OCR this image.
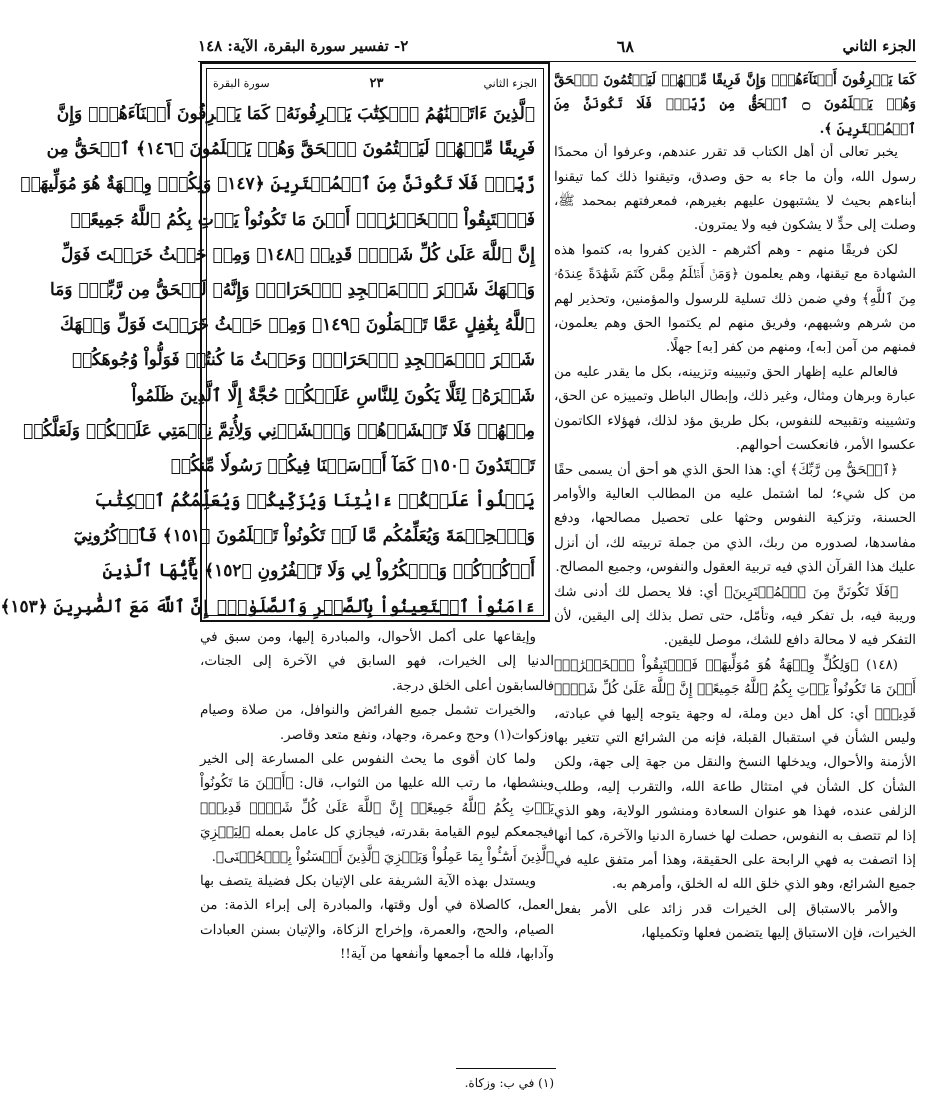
الجزء الثاني
٦٨
٢- تفسير سورة البقرة، الآية: ١٤٨

كَمَا يَعۡرِفُونَ أَبۡنَآءَهُمۡۖ وَإِنَّ فَرِيقًا مِّنۡهُمۡ لَيَكۡتُمُونَ ٱلۡحَقَّ وَهُمۡ يَعۡلَمُونَ ۝ ٱلۡحَقُّ مِن رَّبِّكَۖ فَلَا تَكُونَنَّ مِنَ ٱلۡمُمۡتَرِينَ ﴾.

يخبر تعالى أن أهل الكتاب قد تقرر عندهم، وعرفوا أن محمدًا رسول الله، وأن ما جاء به حق وصدق، وتيقنوا ذلك كما تيقنوا أبناءهم بحيث لا يشتبهون عليهم بغيرهم، فمعرفتهم بمحمد ﷺ، وصلت إلى حدٍّ لا يشكون فيه ولا يمترون.

لكن فريقًا منهم - وهم أكثرهم - الذين كفروا به، كتموا هذه الشهادة مع تيقنها، وهم يعلمون ﴿وَمَنۡ أَظۡلَمُ مِمَّن كَتَمَ شَهَٰدَةً عِندَهُۥ مِنَ ٱللَّهِ﴾ وفي ضمن ذلك تسلية للرسول والمؤمنين، وتحذير لهم من شرهم وشبههم، وفريق منهم لم يكتموا الحق وهم يعلمون، فمنهم من آمن [به]، ومنهم من كفر [به] جهلًا.

فالعالم عليه إظهار الحق وتبيينه وتزيينه، بكل ما يقدر عليه من عبارة وبرهان ومثال، وغير ذلك، وإبطال الباطل وتمييزه عن الحق، وتشيينه وتقبيحه للنفوس، بكل طريق مؤد لذلك، فهؤلاء الكاتمون عكسوا الأمر، فانعكست أحوالهم.

﴿ٱلۡحَقُّ مِن رَّبِّكَ﴾ أي: هذا الحق الذي هو أحق أن يسمى حقًا من كل شيء؛ لما اشتمل عليه من المطالب العالية والأوامر الحسنة، وتزكية النفوس وحثها على تحصيل مصالحها، ودفع مفاسدها، لصدوره من ربك، الذي من جملة تربيته لك، أن أنزل عليك هذا القرآن الذي فيه تربية العقول والنفوس، وجميع المصالح.

﴿فَلَا تَكُونَنَّ مِنَ ٱلۡمُمۡتَرِينَ﴾ أي: فلا يحصل لك أدنى شك وريبة فيه، بل تفكر فيه، وتأمّل، حتى تصل بذلك إلى اليقين، لأن التفكر فيه لا محالة دافع للشك، موصل لليقين.

(١٤٨) ﴿وَلِكُلٍّ وِجۡهَةٌ هُوَ مُوَلِّيهَاۖ فَٱسۡتَبِقُواْ ٱلۡخَيۡرَٰتِۚ أَيۡنَ مَا تَكُونُواْ يَأۡتِ بِكُمُ ٱللَّهُ جَمِيعًاۚ إِنَّ ٱللَّهَ عَلَىٰ كُلِّ شَيۡءٖ قَدِيرٞ﴾ أي: كل أهل دين وملة، له وجهة يتوجه إليها في عبادته، وليس الشأن في استقبال القبلة، فإنه من الشرائع التي تتغير بها الأزمنة والأحوال، ويدخلها النسخ والنقل من جهة إلى جهة، ولكن الشأن كل الشأن في امتثال طاعة الله، والتقرب إليه، وطلب الزلفى عنده، فهذا هو عنوان السعادة ومنشور الولاية، وهو الذي إذا لم تتصف به النفوس، حصلت لها خسارة الدنيا والآخرة، كما أنها إذا اتصفت به فهي الرابحة على الحقيقة، وهذا أمر متفق عليه في جميع الشرائع، وهو الذي خلق الله له الخلق، وأمرهم به.

والأمر بالاستباق إلى الخيرات قدر زائد على الأمر بفعل الخيرات، فإن الاستباق إليها يتضمن فعلها وتكميلها،

الجزء الثاني
٢٣
سورة البقرة
ٱلَّذِينَ ءَاتَيۡنَٰهُمُ ٱلۡكِتَٰبَ يَعۡرِفُونَهُۥ كَمَا يَعۡرِفُونَ أَبۡنَآءَهُمۡۖ وَإِنَّ
فَرِيقًا مِّنۡهُمۡ لَيَكۡتُمُونَ ٱلۡحَقَّ وَهُمۡ يَعۡلَمُونَ ﴿١٤٦﴾ ٱلۡحَقُّ مِن
رَّبِّكَۖ فَلَا تَكُونَنَّ مِنَ ٱلۡمُمۡتَرِينَ ﴿١٤٧﴾ وَلِكُلّٖ وِجۡهَةٌ هُوَ مُوَلِّيهَاۖ
فَٱسۡتَبِقُواْ ٱلۡخَيۡرَٰتِۚ أَيۡنَ مَا تَكُونُواْ يَأۡتِ بِكُمُ ٱللَّهُ جَمِيعًاۚ
إِنَّ ٱللَّهَ عَلَىٰ كُلِّ شَيۡءٖ قَدِيرٞ ﴿١٤٨﴾ وَمِنۡ حَيۡثُ خَرَجۡتَ فَوَلِّ
وَجۡهَكَ شَطۡرَ ٱلۡمَسۡجِدِ ٱلۡحَرَامِۖ وَإِنَّهُۥ لَلۡحَقُّ مِن رَّبِّكَۗ وَمَا
ٱللَّهُ بِغَٰفِلٍ عَمَّا تَعۡمَلُونَ ﴿١٤٩﴾ وَمِنۡ حَيۡثُ خَرَجۡتَ فَوَلِّ وَجۡهَكَ
شَطۡرَ ٱلۡمَسۡجِدِ ٱلۡحَرَامِۚ وَحَيۡثُ مَا كُنتُمۡ فَوَلُّواْ وُجُوهَكُمۡ
شَطۡرَهُۥ لِئَلَّا يَكُونَ لِلنَّاسِ عَلَيۡكُمۡ حُجَّةٌ إِلَّا ٱلَّذِينَ ظَلَمُواْ
مِنۡهُمۡ فَلَا تَخۡشَوۡهُمۡ وَٱخۡشَوۡنِي وَلِأُتِمَّ نِعۡمَتِي عَلَيۡكُمۡ وَلَعَلَّكُمۡ
تَهۡتَدُونَ ﴿١٥٠﴾ كَمَآ أَرۡسَلۡنَا فِيكُمۡ رَسُولٗا مِّنكُمۡ
يَتۡلُواْ عَلَيۡكُمۡ ءَايَٰتِنَا وَيُزَكِّيكُمۡ وَيُعَلِّمُكُمُ ٱلۡكِتَٰبَ
وَٱلۡحِكۡمَةَ وَيُعَلِّمُكُم مَّا لَمۡ تَكُونُواْ تَعۡلَمُونَ ﴿١٥١﴾ فَٱذۡكُرُونِيٓ
أَذۡكُرۡكُمۡ وَٱشۡكُرُواْ لِي وَلَا تَكۡفُرُونِ ﴿١٥٢﴾ يَٰٓأَيُّهَا ٱلَّذِينَ
ءَامَنُواْ ٱسۡتَعِينُواْ بِٱلصَّبۡرِ وَٱلصَّلَوٰةِۚ إِنَّ ٱللَّهَ مَعَ ٱلصَّٰبِرِينَ ﴿١٥٣﴾

وإيقاعها على أكمل الأحوال، والمبادرة إليها، ومن سبق في الدنيا إلى الخيرات، فهو السابق في الآخرة إلى الجنات، فالسابقون أعلى الخلق درجة.

والخيرات تشمل جميع الفرائض والنوافل، من صلاة وصيام وزكوات(١) وحج وعمرة، وجهاد، ونفع متعد وقاصر.

ولما كان أقوى ما يحث النفوس على المسارعة إلى الخير وينشطها، ما رتب الله عليها من الثواب، قال: ﴿أَيۡنَ مَا تَكُونُواْ يَأۡتِ بِكُمُ ٱللَّهُ جَمِيعًاۚ إِنَّ ٱللَّهَ عَلَىٰ كُلِّ شَيۡءٖ قَدِيرٞ﴾ فيجمعكم ليوم القيامة بقدرته، فيجازي كل عامل بعمله ﴿لِيَجۡزِيَ ٱلَّذِينَ أَسَٰٓـُٔواْ بِمَا عَمِلُواْ وَيَجۡزِيَ ٱلَّذِينَ أَحۡسَنُواْ بِٱلۡحُسۡنَى﴾.

ويستدل بهذه الآية الشريفة على الإتيان بكل فضيلة يتصف بها العمل، كالصلاة في أول وقتها، والمبادرة إلى إبراء الذمة: من الصيام، والحج، والعمرة، وإخراج الزكاة، والإتيان بسنن العبادات وآدابها، فلله ما أجمعها وأنفعها من آية!!

(١) في ب: وزكاة.
